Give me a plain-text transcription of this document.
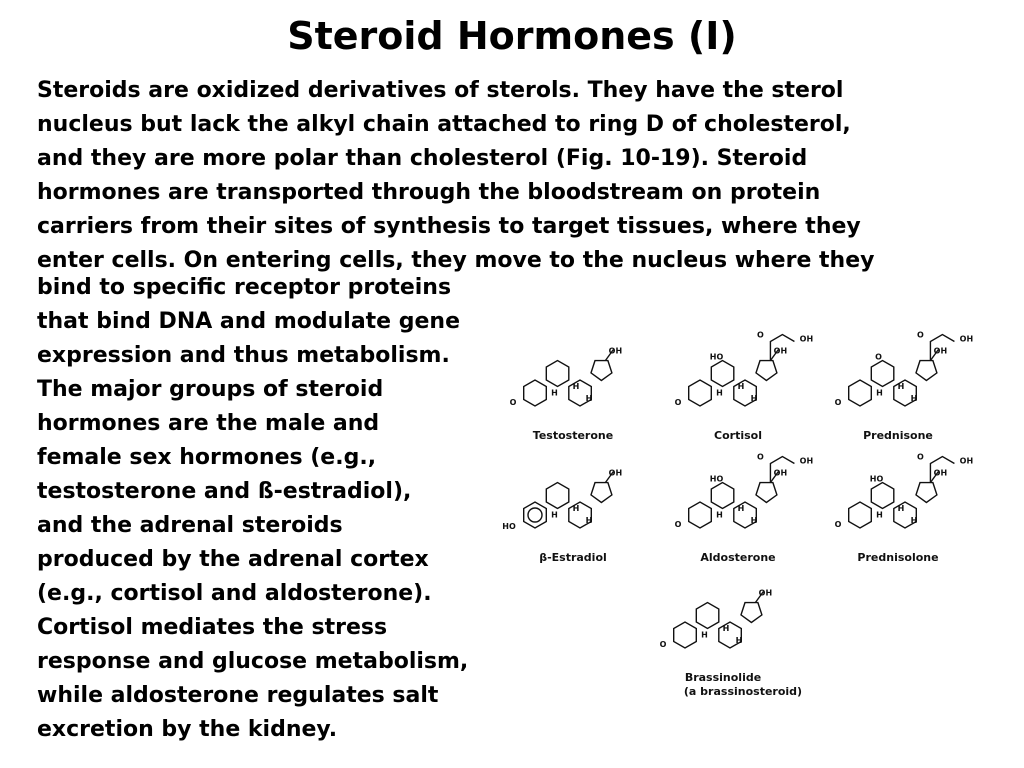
Steroid Hormones (I)
Steroids are oxidized derivatives of sterols. They have the sterol
nucleus but lack the alkyl chain attached to ring D of cholesterol,
and they are more polar than cholesterol (Fig. 10-19). Steroid
hormones are transported through the bloodstream on protein
carriers from their sites of synthesis to target tissues, where they
enter cells. On entering cells, they move to the nucleus where they
bind to specific receptor proteins
that bind DNA and modulate gene
expression and thus metabolism.
The major groups of steroid
hormones are the male and
female sex hormones (e.g.,
testosterone and ß-estradiol),
and the adrenal steroids
produced by the adrenal cortex
(e.g., cortisol and aldosterone).
Cortisol mediates the stress
response and glucose metabolism,
while aldosterone regulates salt
excretion by the kidney.
H
H
H
OH
O
Testosterone
H
H
H
OH
O
HO
O	OH
Cortisol
H
H
H
OH
O
O
O	OH
Prednisone
H
H
H
OH
HO
β-Estradiol
H
H
H
OH
O
HO
O	OH
Aldosterone
H
H
H
OH
O
HO
O	OH
Prednisolone
H
H
H
OH
O
Brassinolide
(a brassinosteroid)
